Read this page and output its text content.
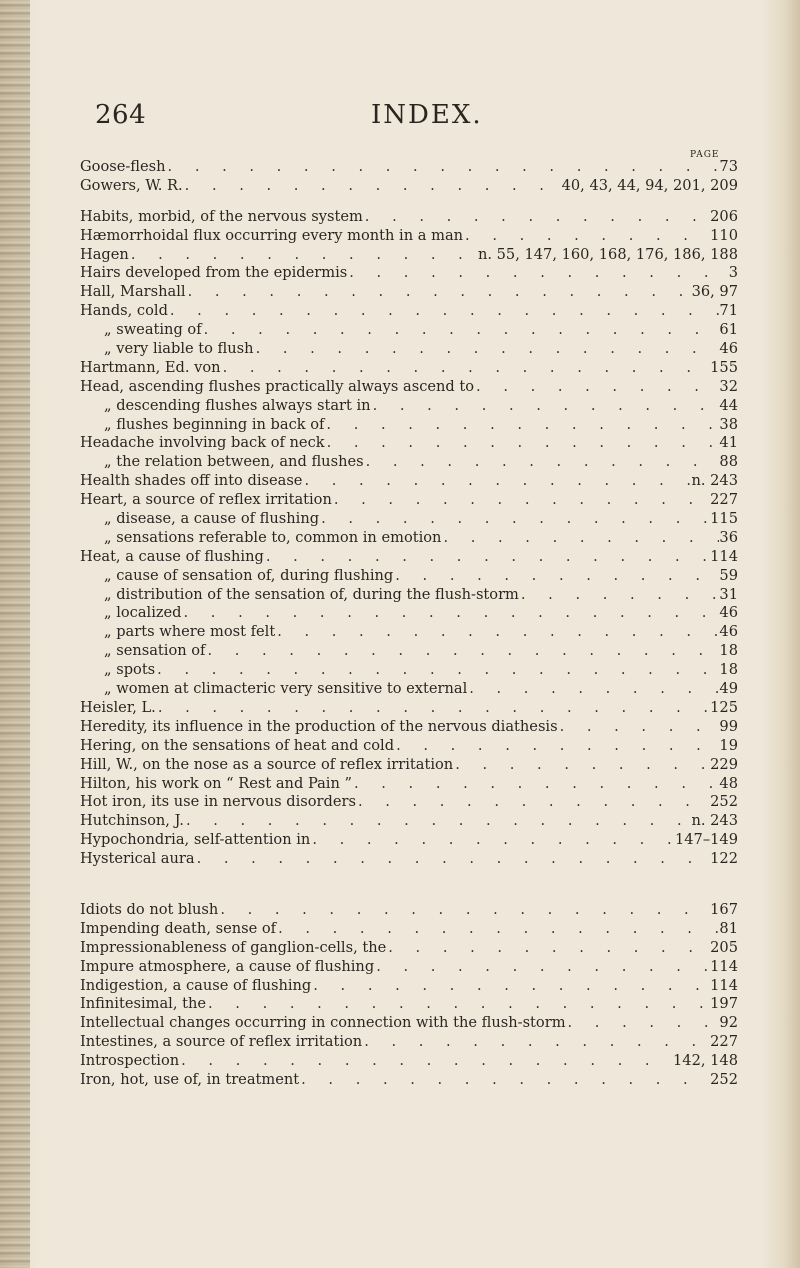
264	INDEX.
PAGE
Goose-flesh . . .	73
Gowers, W. R. . . .	40, 43, 44, 94, 201, 209
Habits, morbid, of the nervous system . . .	206
Hæmorrhoidal flux occurring every month in a man . . .	110
Hagen . . .	n. 55, 147, 160, 168, 176, 186, 188
Hairs developed from the epidermis . . .	3
Hall, Marshall . . .	36, 97
Hands, cold . . .	71
„ sweating of . . .	61
„ very liable to flush . . .	46
Hartmann, Ed. von . . .	155
Head, ascending flushes practically always ascend to . . .	32
„ descending flushes always start in . . .	44
„ flushes beginning in back of . . .	38
Headache involving back of neck . . .	41
„ the relation between, and flushes . . .	88
Health shades off into disease . . .	n. 243
Heart, a source of reflex irritation . . .	227
„ disease, a cause of flushing . . .	115
„ sensations referable to, common in emotion . . .	36
Heat, a cause of flushing . . .	114
„ cause of sensation of, during flushing . . .	59
„ distribution of the sensation of, during the flush-storm . . .	31
„ localized . . .	46
„ parts where most felt . . .	46
„ sensation of . . .	18
„ spots . . .	18
„ women at climacteric very sensitive to external . . .	49
Heisler, L. . . .	125
Heredity, its influence in the production of the nervous diathesis . . .	99
Hering, on the sensations of heat and cold . . .	19
Hill, W., on the nose as a source of reflex irritation . . .	229
Hilton, his work on “ Rest and Pain ” . . .	48
Hot iron, its use in nervous disorders . . .	252
Hutchinson, J. . . .	n. 243
Hypochondria, self-attention in . . .	147–149
Hysterical aura . . .	122
Idiots do not blush . . .	167
Impending death, sense of . . .	81
Impressionableness of ganglion-cells, the . . .	205
Impure atmosphere, a cause of flushing . . .	114
Indigestion, a cause of flushing . . .	114
Infinitesimal, the . . .	197
Intellectual changes occurring in connection with the flush-storm . . .	92
Intestines, a source of reflex irritation . . .	227
Introspection . . .	142, 148
Iron, hot, use of, in treatment . . .	252
